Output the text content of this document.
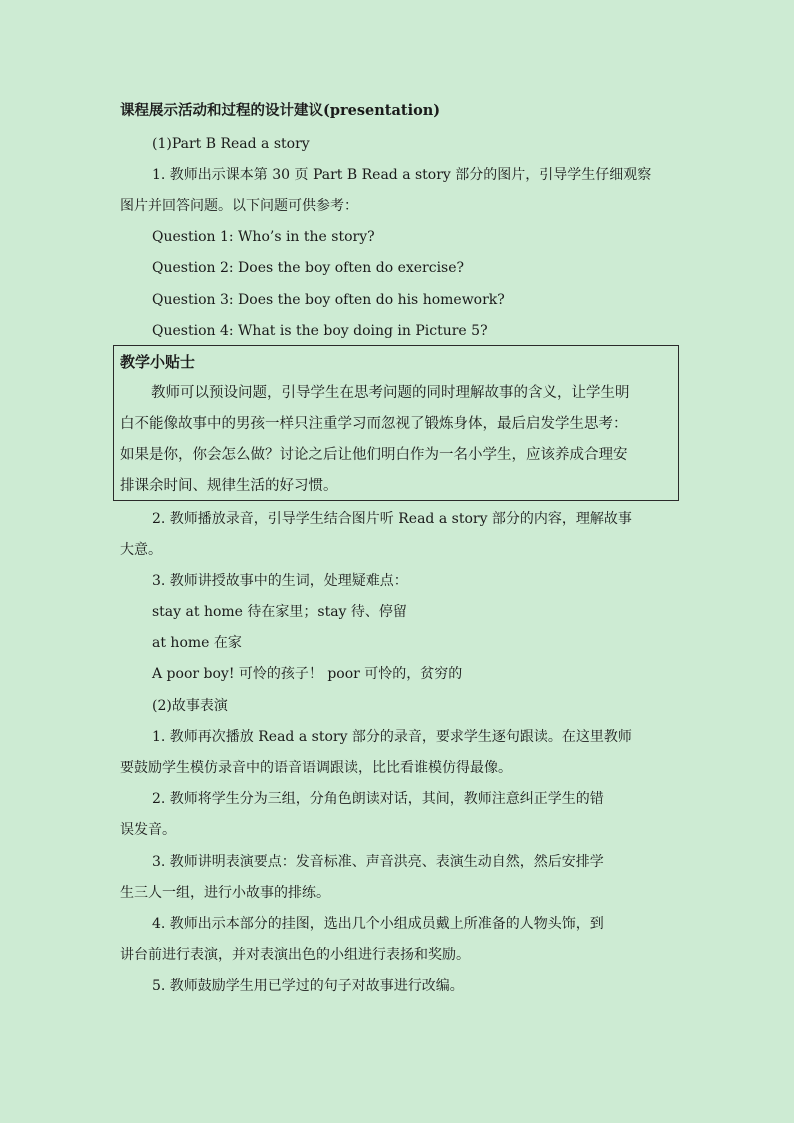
课程展示活动和过程的设计建议(presentation)
(1)Part B Read a story
1. 教师出示课本第 30 页 Part B Read a story 部分的图片，引导学生仔细观察
图片并回答问题。以下问题可供参考：
Question 1: Who’s in the story?
Question 2: Does the boy often do exercise?
Question 3: Does the boy often do his homework?
Question 4: What is the boy doing in Picture 5?
教学小贴士
教师可以预设问题，引导学生在思考问题的同时理解故事的含义，让学生明
白不能像故事中的男孩一样只注重学习而忽视了锻炼身体，最后启发学生思考：
如果是你，你会怎么做？讨论之后让他们明白作为一名小学生，应该养成合理安
排课余时间、规律生活的好习惯。
2. 教师播放录音，引导学生结合图片听 Read a story 部分的内容，理解故事
大意。
3. 教师讲授故事中的生词，处理疑难点：
stay at home 待在家里；stay 待、停留
at home 在家
A poor boy! 可怜的孩子！ poor 可怜的，贫穷的
(2)故事表演
1. 教师再次播放 Read a story 部分的录音，要求学生逐句跟读。在这里教师
要鼓励学生模仿录音中的语音语调跟读，比比看谁模仿得最像。
2. 教师将学生分为三组，分角色朗读对话，其间，教师注意纠正学生的错
误发音。
3. 教师讲明表演要点：发音标准、声音洪亮、表演生动自然，然后安排学
生三人一组，进行小故事的排练。
4. 教师出示本部分的挂图，选出几个小组成员戴上所准备的人物头饰，到
讲台前进行表演，并对表演出色的小组进行表扬和奖励。
5. 教师鼓励学生用已学过的句子对故事进行改编。
